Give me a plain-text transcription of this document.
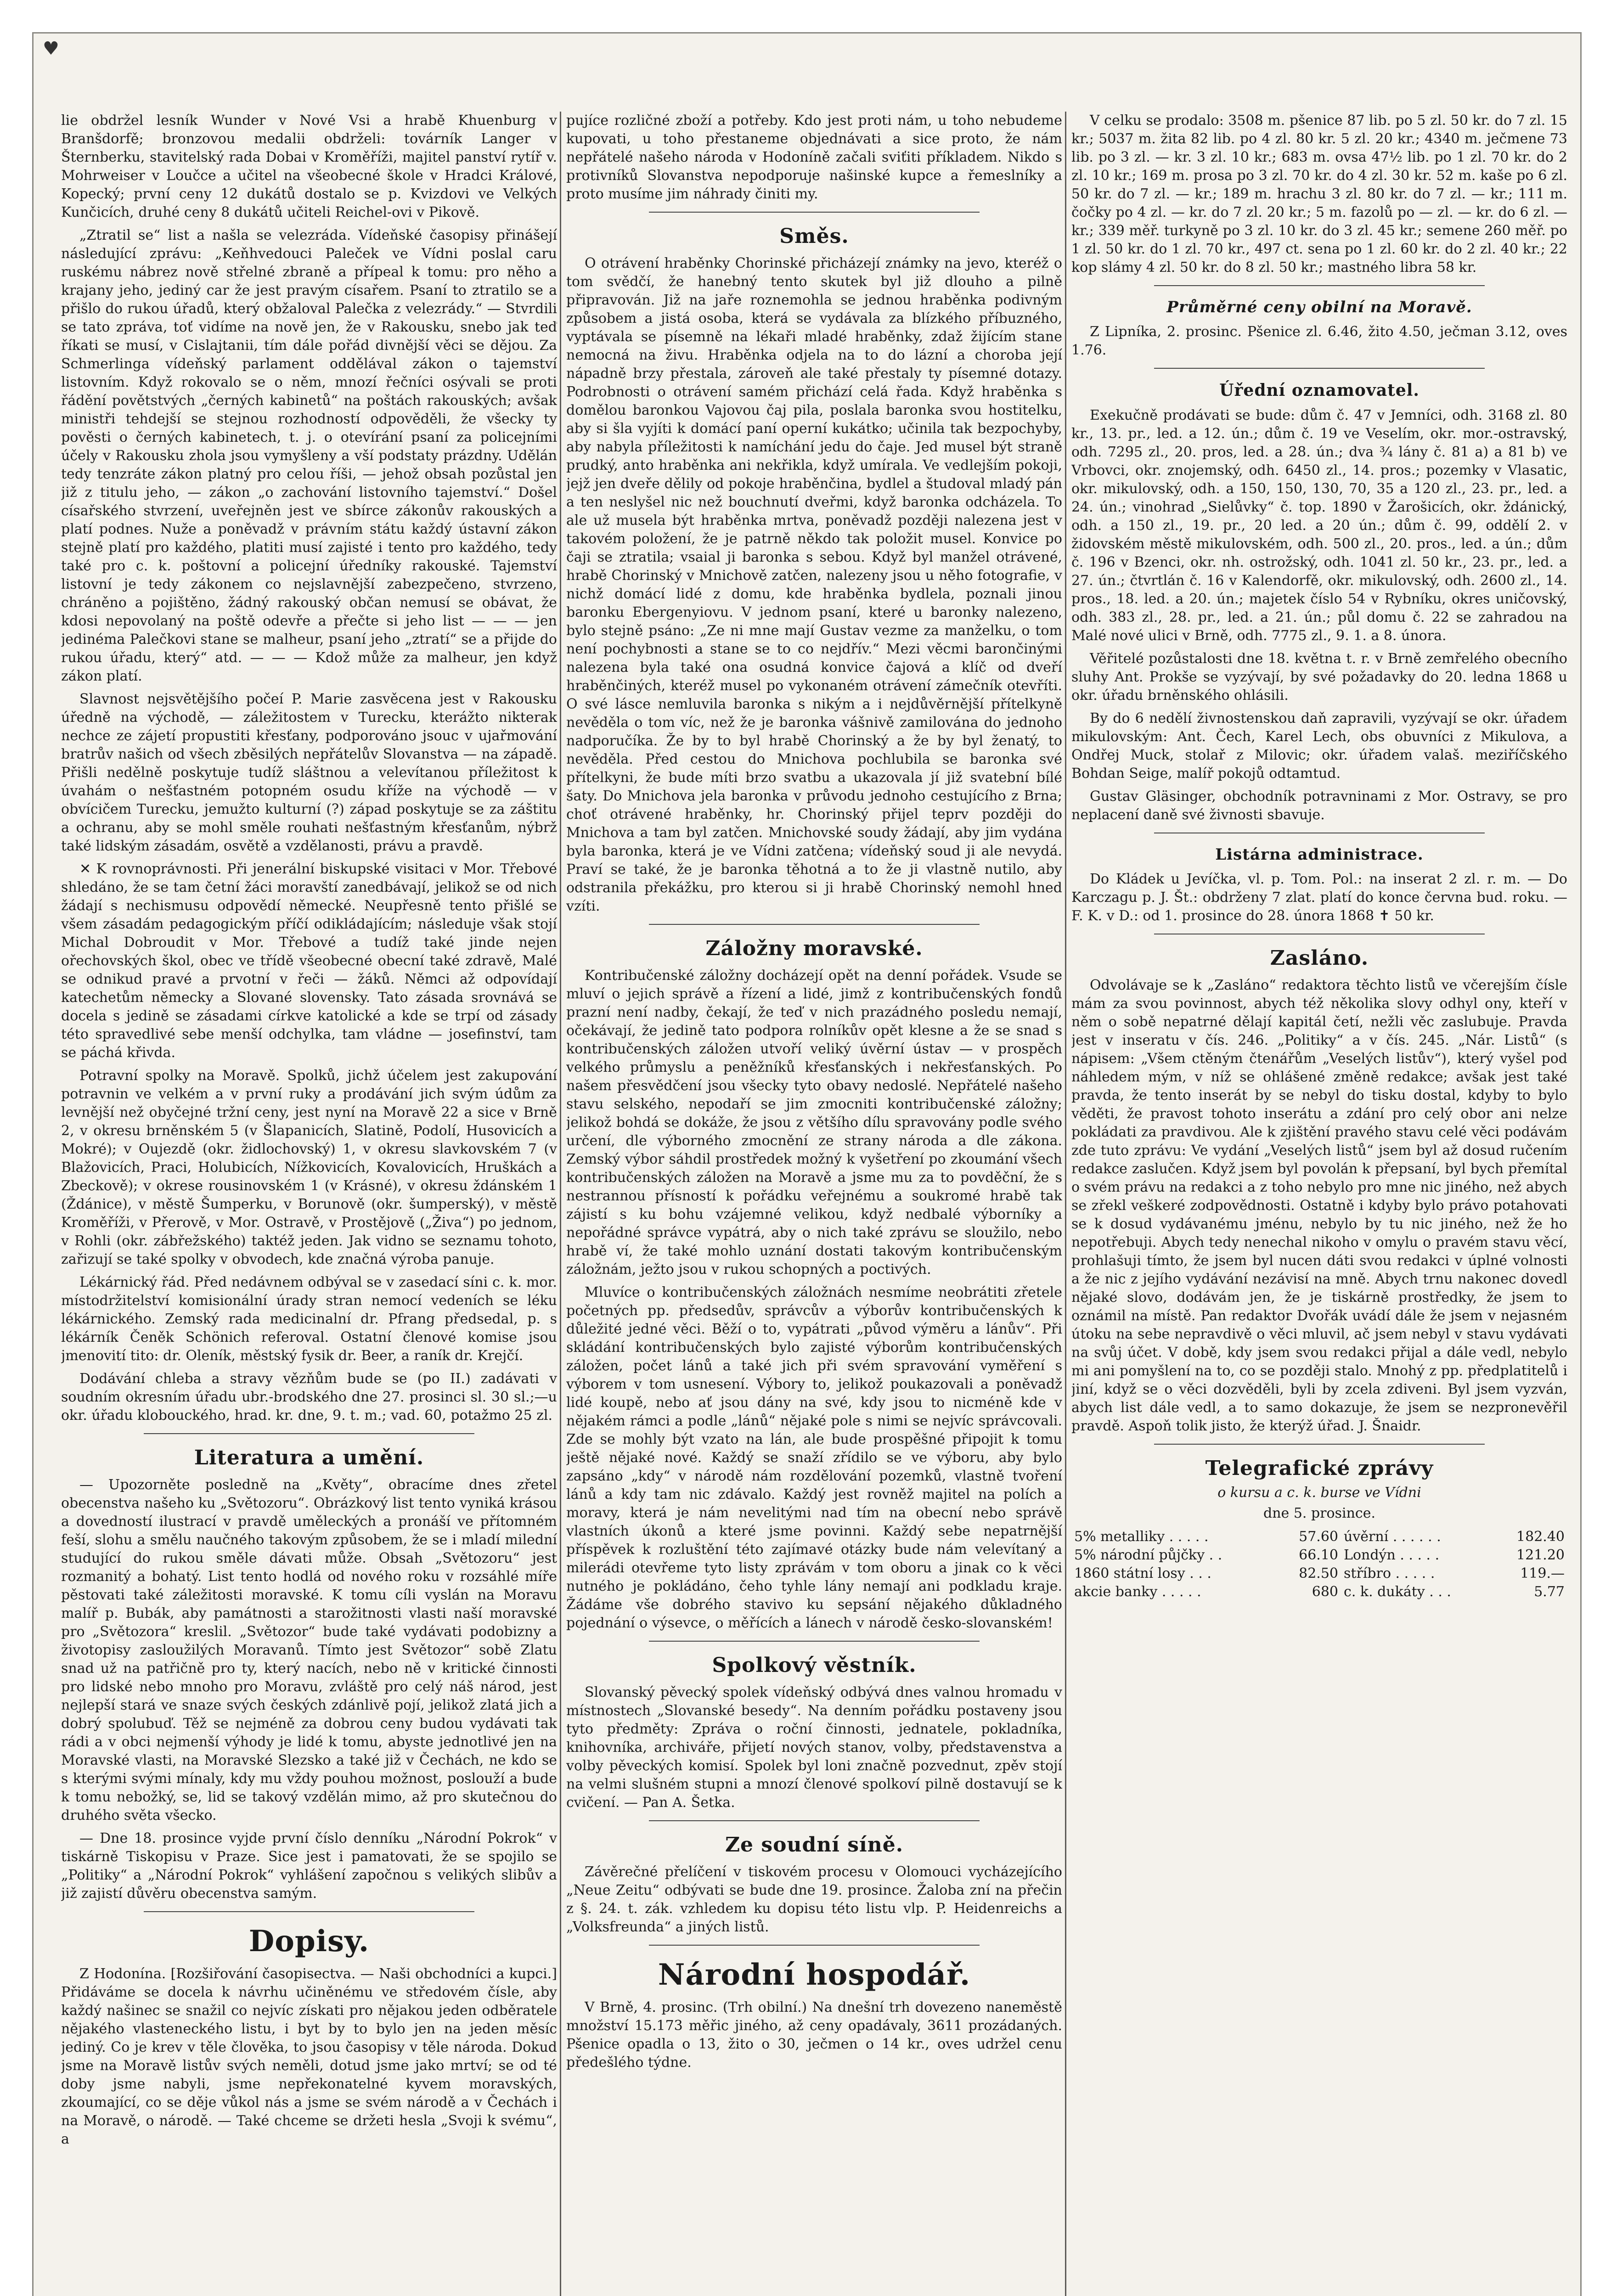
♥

lie obdržel lesník Wunder v Nové Vsi a hrabě Khuenburg v Branšdorfě; bronzovou medalii obdrželi: továrník Langer v Šternberku, stavitelský rada Dobai v Kroměříži, majitel panství rytíř v. Mohrweiser v Loučce a učitel na všeobecné škole v Hradci Králové, Kopecký; první ceny 12 dukátů dostalo se p. Kvizdovi ve Velkých Kunčicích, druhé ceny 8 dukátů učiteli Reichel-ovi v Pikově.

„Ztratil se“ list a našla se velezráda. Vídeňské časopisy přinášejí následující zprávu: „Keňhvedouci Paleček ve Vídni poslal caru ruskému nábrez nově střelné zbraně a přípeal k tomu: pro něho a krajany jeho, jediný car že jest pravým císařem. Psaní to ztratilo se a přišlo do rukou úřadů, který obžaloval Palečka z velezrády.“ — Stvrdili se tato zpráva, toť vidíme na nově jen, že v Rakousku, snebo jak teď říkati se musí, v Cislajtanii, tím dále pořád divnější věci se dějou. Za Schmerlinga vídeňský parlament oddělával zákon o tajemství listovním. Když rokovalo se o něm, mnozí řečníci osývali se proti řádění povětstvých „černých kabinetů“ na poštách rakouských; avšak ministři tehdejší se stejnou rozhodností odpověděli, že všecky ty pověsti o černých kabinetech, t. j. o otevírání psaní za policejními účely v Rakousku zhola jsou vymyšleny a vší podstaty prázdny. Udělán tedy tenzráte zákon platný pro celou říši, — jehož obsah pozůstal jen již z titulu jeho, — zákon „o zachování listovního tajemství.“ Došel císařského stvrzení, uveřejněn jest ve sbírce zákonův rakouských a platí podnes. Nuže a poněvadž v právním státu každý ústavní zákon stejně platí pro každého, platiti musí zajisté i tento pro každého, tedy také pro c. k. poštovní a policejní úředníky rakouské. Tajemství listovní je tedy zákonem co nejslavnější zabezpečeno, stvrzeno, chráněno a pojištěno, žádný rakouský občan nemusí se obávat, že kdosi nepovolaný na poště odevře a přečte si jeho list — — — jen jedinéma Palečkovi stane se malheur, psaní jeho „ztratí“ se a přijde do rukou úřadu, který“ atd. — — — Kdož může za malheur, jen když zákon platí.

Slavnost nejsvětějšího počeí P. Marie zasvěcena jest v Rakousku úředně na východě, — záležitostem v Turecku, kterážto nikterak nechce ze zájetí propustiti křesťany, podporováno jsouc v ujařmování bratrův našich od všech zběsilých nepřátelův Slovanstva — na západě. Přišli nedělně poskytuje tudíž sláštnou a velevítanou příležitost k úvahám o nešťastném potopném osudu kříže na východě — v obvícičem Turecku, jemužto kulturní (?) západ poskytuje se za záštitu a ochranu, aby se mohl směle rouhati nešťastným křesťanům, nýbrž také lidským zásadám, osvětě a vzdělanosti, právu a pravdě.

✕ K rovnoprávnosti. Při jenerální biskupské visitaci v Mor. Třebové shledáno, že se tam četní žáci moravští zanedbávají, jelikož se od nich žádají s nechismusu odpovědí německé. Neupřesně tento přišlé se všem zásadám pedagogickým příčí odikládajícím; následuje však stojí Michal Dobroudit v Mor. Třebové a tudíž také jinde nejen ořechovských škol, obec ve třídě všeobecné obecní také zdravě, Malé se odnikud pravé a prvotní v řeči — žáků. Němci až odpovídají katechetům německy a Slované slovensky. Tato zásada srovnává se docela s jedině se zásadami církve katolické a kde se trpí od zásady této spravedlivé sebe menší odchylka, tam vládne — josefinství, tam se páchá křivda.

Potravní spolky na Moravě. Spolků, jichž účelem jest zakupování potravnin ve velkém a v první ruky a prodávání jich svým údům za levnější než obyčejné tržní ceny, jest nyní na Moravě 22 a sice v Brně 2, v okresu brněnském 5 (v Šlapanicích, Slatině, Podolí, Husovicích a Mokré); v Oujezdě (okr. židlochovský) 1, v okresu slavkovském 7 (v Blažovicích, Praci, Holubicích, Nížkovicích, Kovalovicích, Hruškách a Zbeckově); v okrese rousinovském 1 (v Krásné), v okresu ždánském 1 (Ždánice), v městě Šumperku, v Borunově (okr. šumperský), v městě Kroměříži, v Přerově, v Mor. Ostravě, v Prostějově („Živa“) po jednom, v Rohli (okr. zábřežského) taktéž jeden. Jak vidno se seznamu tohoto, zařizují se také spolky v obvodech, kde značná výroba panuje.

Lékárnický řád. Před nedávnem odbýval se v zasedací síni c. k. mor. místodržitelství komisionální úrady stran nemocí vedeních se léku lékárnického. Zemský rada medicinalní dr. Pfrang předsedal, p. s lékárník Čeněk Schönich referoval. Ostatní členové komise jsou jmenovití tito: dr. Oleník, městský fysik dr. Beer, a raník dr. Krejčí.

Dodávání chleba a stravy vězňům bude se (po II.) zadávati v soudním okresním úřadu ubr.-brodského dne 27. prosinci sl. 30 sl.;—u okr. úřadu klobouckého, hrad. kr. dne, 9. t. m.; vad. 60, potažmo 25 zl.

Literatura a umění.

— Upozorněte posledně na „Květy“, obracíme dnes zřetel obecenstva našeho ku „Světozoru“. Obrázkový list tento vyniká krásou a dovedností ilustrací v pravdě uměleckých a pronáší ve přítomném feší, slohu a smělu naučného takovým způsobem, že se i mladí milední studující do rukou směle dávati může. Obsah „Světozoru“ jest rozmanitý a bohatý. List tento hodlá od nového roku v rozsáhlé míře pěstovati také záležitosti moravské. K tomu cíli vyslán na Moravu malíř p. Bubák, aby památnosti a starožitnosti vlasti naší moravské pro „Světozora“ kreslil. „Světozor“ bude také vydávati podobizny a životopisy zasloužilých Moravanů. Tímto jest Světozor“ sobě Zlatu snad už na patřičně pro ty, který nacích, nebo ně v kritické činnosti pro lidské nebo mnoho pro Moravu, zvláště pro celý náš národ, jest nejlepší stará ve snaze svých českých zdánlivě pojí, jelikož zlatá jich a dobrý spolubuď. Těž se nejméně za dobrou ceny budou vydávati tak rádi a v obci nejmenší výhody je lidé k tomu, abyste jednotlivé jen na Moravské vlasti, na Moravské Slezsko a také již v Čechách, ne kdo se s kterými svými mínaly, kdy mu vždy pouhou možnost, poslouží a bude k tomu nebožký, se, lid se takový vzdělán mimo, až pro skutečnou do druhého světa všecko.

— Dne 18. prosince vyjde první číslo denníku „Národní Pokrok“ v tiskárně Tiskopisu v Praze. Sice jest i pamatovati, že se spojilo se „Politiky“ a „Národní Pokrok“ vyhlášení započnou s velikých slibův a již zajistí důvěru obecenstva samým.

Dopisy.

Z Hodonína. [Rozšiřování časopisectva. — Naši obchodníci a kupci.] Přidáváme se docela k návrhu učiněnému ve středovém čísle, aby každý našinec se snažil co nejvíc získati pro nějakou jeden odběratele nějakého vlasteneckého listu, i byt by to bylo jen na jeden měsíc jediný. Co je krev v těle člověka, to jsou časopisy v těle národa. Dokud jsme na Moravě listův svých neměli, dotud jsme jako mrtví; se od té doby jsme nabyli, jsme nepřekonatelné kyvem moravských, zkoumající, co se děje vůkol nás a jsme se svém národě a v Čechách i na Moravě, o národě. — Také chceme se držeti hesla „Svoji k svému“, a

pujíce rozličné zboží a potřeby. Kdo jest proti nám, u toho nebudeme kupovati, u toho přestaneme objednávati a sice proto, že nám nepřátelé našeho národa v Hodoníně začali sviťiti příkladem. Nikdo s protivníků Slovanstva nepodporuje našinské kupce a řemeslníky a proto musíme jim náhrady činiti my.

Směs.

O otrávení hraběnky Chorinské přicházejí známky na jevo, kteréž o tom svědčí, že hanebný tento skutek byl již dlouho a pilně připravován. Již na jaře roznemohla se jednou hraběnka podivným způsobem a jistá osoba, která se vydávala za blízkého příbuzného, vyptávala se písemně na lékaři mladé hraběnky, zdaž žijícím stane nemocná na živu. Hraběnka odjela na to do lázní a choroba její nápadně brzy přestala, zároveň ale také přestaly ty písemné dotazy. Podrobnosti o otrávení samém přichází celá řada. Když hraběnka s domělou baronkou Vajovou čaj pila, poslala baronka svou hostitelku, aby si šla vyjíti k domácí paní operní kukátko; učinila tak bezpochyby, aby nabyla příležitosti k namíchání jedu do čaje. Jed musel být straně prudký, anto hraběnka ani nekřikla, když umírala. Ve vedlejším pokoji, jejž jen dveře dělily od pokoje hraběnčina, bydlel a študoval mladý pán a ten neslyšel nic než bouchnutí dveřmi, když baronka odcházela. To ale už musela být hraběnka mrtva, poněvadž později nalezena jest v takovém položení, že je patrně někdo tak položit musel. Konvice po čaji se ztratila; vsaial ji baronka s sebou. Když byl manžel otrávené, hrabě Chorinský v Mnichově zatčen, nalezeny jsou u něho fotografie, v nichž domácí lidé z domu, kde hraběnka bydlela, poznali jinou baronku Ebergenyiovu. V jednom psaní, které u baronky nalezeno, bylo stejně psáno: „Ze ni mne mají Gustav vezme za manželku, o tom není pochybnosti a stane se to co nejdřív.“ Mezi věcmi barončinými nalezena byla také ona osudná konvice čajová a klíč od dveří hraběnčiných, kteréž musel po vykonaném otrávení zámečník otevříti. O své lásce nemluvila baronka s nikým a i nejdůvěrnější přítelkyně nevěděla o tom víc, než že je baronka vášnivě zamilována do jednoho nadporučíka. Že by to byl hrabě Chorinský a že by byl ženatý, to nevěděla. Před cestou do Mnichova pochlubila se baronka své přítelkyni, že bude míti brzo svatbu a ukazovala jí již svatební bílé šaty. Do Mnichova jela baronka v průvodu jednoho cestujícího z Brna; choť otrávené hraběnky, hr. Chorinský přijel teprv později do Mnichova a tam byl zatčen. Mnichovské soudy žádají, aby jim vydána byla baronka, která je ve Vídni zatčena; vídeňský soud ji ale nevydá. Praví se také, že je baronka těhotná a to že ji vlastně nutilo, aby odstranila překážku, pro kterou si ji hrabě Chorinský nemohl hned vzíti.

Záložny moravské.

Kontribučenské záložny docházejí opět na denní pořádek. Vsude se mluví o jejich správě a řízení a lidé, jimž z kontribučenských fondů prazní není nadby, čekají, že teď v nich prazádného posledu nemají, očekávají, že jedině tato podpora rolníkův opět klesne a že se snad s kontribučenských záložen utvoří veliký úvěrní ústav — v prospěch velkého průmyslu a peněžníků křesťanských i nekřesťanských. Po našem přesvědčení jsou všecky tyto obavy nedoslé. Nepřátelé našeho stavu selského, nepodaří se jim zmocniti kontribučenské záložny; jelikož bohdá se dokáže, že jsou z většího dílu spravovány podle svého určení, dle výborného zmocnění ze strany národa a dle zákona. Zemský výbor sáhdil prostředek možný k vyšetření po zkoumání všech kontribučenských záložen na Moravě a jsme mu za to povděční, že s nestrannou přísností k pořádku veřejnému a soukromé hrabě tak zájistí s ku bohu vzájemné velikou, když nedbalé výborníky a nepořádné správce vypátrá, aby o nich také zprávu se sloužilo, nebo hrabě ví, že také mohlo uznání dostati takovým kontribučenským záložnám, ježto jsou v rukou schopných a poctivých.

Mluvíce o kontribučenských záložnách nesmíme neobrátiti zřetele početných pp. předsedův, správcův a výborův kontribučenských k důležité jedné věci. Běží o to, vypátrati „původ výměru a lánův“. Při skládání kontribučenských bylo zajisté výborům kontribučenských záložen, počet lánů a také jich při svém spravování vyměření s výborem v tom usnesení. Výbory to, jelikož poukazovali a poněvadž lidé koupě, nebo ať jsou dány na své, kdy jsou to nicméně kde v nějakém rámci a podle „lánů“ nějaké pole s nimi se nejvíc správcovali. Zde se mohly být vzato na lán, ale bude prospěšné připojit k tomu ještě nějaké nové. Každý se snaží zřídilo se ve výboru, aby bylo zapsáno „kdy“ v národě nám rozdělování pozemků, vlastně tvoření lánů a kdy tam nic zdávalo. Každý jest rovněž majitel na polích a moravy, která je nám nevelitými nad tím na obecní nebo správě vlastních úkonů a které jsme povinni. Každý sebe nepatrnější příspěvek k rozluštění této zajímavé otázky bude nám velevítaný a milerádi otevřeme tyto listy zprávám v tom oboru a jinak co k věci nutného je pokládáno, čeho tyhle lány nemají ani podkladu kraje. Žádáme vše dobrého stavivo ku sepsání nějakého důkladného pojednání o výsevce, o měřících a lánech v národě česko-slovanském!

Spolkový věstník.

Slovanský pěvecký spolek vídeňský odbývá dnes valnou hromadu v místnostech „Slovanské besedy“. Na denním pořádku postaveny jsou tyto předměty: Zpráva o roční činnosti, jednatele, pokladníka, knihovníka, archiváře, přijetí nových stanov, volby, představenstva a volby pěveckých komisí. Spolek byl loni značně pozvednut, zpěv stojí na velmi slušném stupni a mnozí členové spolkoví pilně dostavují se k cvičení. — Pan A. Šetka.

Ze soudní síně.

Závěrečné přelíčení v tiskovém procesu v Olomouci vycházejícího „Neue Zeitu“ odbývati se bude dne 19. prosince. Žaloba zní na přečin z §. 24. t. zák. vzhledem ku dopisu této listu vlp. P. Heidenreichs a „Volksfreunda“ a jiných listů.

Národní hospodář.

V Brně, 4. prosinc. (Trh obilní.) Na dnešní trh dovezeno naneměstě množství 15.173 měřic jiného, až ceny opadávaly, 3611 prozádaných. Pšenice opadla o 13, žito o 30, ječmen o 14 kr., oves udržel cenu předešlého týdne.

V celku se prodalo: 3508 m. pšenice 87 lib. po 5 zl. 50 kr. do 7 zl. 15 kr.; 5037 m. žita 82 lib. po 4 zl. 80 kr. 5 zl. 20 kr.; 4340 m. ječmene 73 lib. po 3 zl. — kr. 3 zl. 10 kr.; 683 m. ovsa 47½ lib. po 1 zl. 70 kr. do 2 zl. 10 kr.; 169 m. prosa po 3 zl. 70 kr. do 4 zl. 30 kr. 52 m. kaše po 6 zl. 50 kr. do 7 zl. — kr.; 189 m. hrachu 3 zl. 80 kr. do 7 zl. — kr.; 111 m. čočky po 4 zl. — kr. do 7 zl. 20 kr.; 5 m. fazolů po — zl. — kr. do 6 zl. — kr.; 339 měř. turkyně po 3 zl. 10 kr. do 3 zl. 45 kr.; semene 260 měř. po 1 zl. 50 kr. do 1 zl. 70 kr., 497 ct. sena po 1 zl. 60 kr. do 2 zl. 40 kr.; 22 kop slámy 4 zl. 50 kr. do 8 zl. 50 kr.; mastného libra 58 kr.

Průměrné ceny obilní na Moravě.

Z Lipníka, 2. prosinc. Pšenice zl. 6.46, žito 4.50, ječman 3.12, oves 1.76.

Úřední oznamovatel.

Exekučně prodávati se bude: dům č. 47 v Jemníci, odh. 3168 zl. 80 kr., 13. pr., led. a 12. ún.; dům č. 19 ve Veselím, okr. mor.-ostravský, odh. 7295 zl., 20. pros, led. a 28. ún.; dva ¾ lány č. 81 a) a 81 b) ve Vrbovci, okr. znojemský, odh. 6450 zl., 14. pros.; pozemky v Vlasatic, okr. mikulovský, odh. a 150, 150, 130, 70, 35 a 120 zl., 23. pr., led. a 24. ún.; vinohrad „Sielůvky“ č. top. 1890 v Žarošicích, okr. ždánický, odh. a 150 zl., 19. pr., 20 led. a 20 ún.; dům č. 99, oddělí 2. v židovském městě mikulovském, odh. 500 zl., 20. pros., led. a ún.; dům č. 196 v Bzenci, okr. nh. ostrožský, odh. 1041 zl. 50 kr., 23. pr., led. a 27. ún.; čtvrtlán č. 16 v Kalendorfě, okr. mikulovský, odh. 2600 zl., 14. pros., 18. led. a 20. ún.; majetek číslo 54 v Rybníku, okres uničovský, odh. 383 zl., 28. pr., led. a 21. ún.; půl domu č. 22 se zahradou na Malé nové ulici v Brně, odh. 7775 zl., 9. 1. a 8. února.

Věřitelé pozůstalosti dne 18. května t. r. v Brně zemřelého obecního sluhy Ant. Prokše se vyzývají, by své požadavky do 20. ledna 1868 u okr. úřadu brněnského ohlásili.

By do 6 nedělí živnostenskou daň zapravili, vyzývají se okr. úřadem mikulovským: Ant. Čech, Karel Lech, obs obuvníci z Mikulova, a Ondřej Muck, stolař z Milovic; okr. úřadem valaš. meziříčského Bohdan Seige, malíř pokojů odtamtud.

Gustav Gläsinger, obchodník potravninami z Mor. Ostravy, se pro neplacení daně své živnosti sbavuje.

Listárna administrace.

Do Kládek u Jevíčka, vl. p. Tom. Pol.: na inserat 2 zl. r. m. — Do Karczagu p. J. Št.: obdrženy 7 zlat. platí do konce června bud. roku. — F. K. v D.: od 1. prosince do 28. února 1868 ✝ 50 kr.

Zasláno.

Odvolávaje se k „Zasláno“ redaktora těchto listů ve včerejším čísle mám za svou povinnost, abych též několika slovy odhyl ony, kteří v něm o sobě nepatrné dělají kapitál četí, nežli věc zaslubuje. Pravda jest v inseratu v čís. 246. „Politiky“ a v čís. 245. „Nár. Listů“ (s nápisem: „Všem ctěným čtenářům „Veselých listův“), který vyšel pod náhledem mým, v níž se ohlášené změně redakce; avšak jest také pravda, že tento inserát by se nebyl do tisku dostal, kdyby to bylo věděti, že pravost tohoto inserátu a zdání pro celý obor ani nelze pokládati za pravdivou. Ale k zjištění pravého stavu celé věci podávám zde tuto zprávu: Ve vydání „Veselých listů“ jsem byl až dosud ručením redakce zaslučen. Když jsem byl povolán k přepsaní, byl bych přemítal o svém právu na redakci a z toho nebylo pro mne nic jiného, než abych se zřekl veškeré zodpovědnosti. Ostatně i kdyby bylo právo potahovati se k dosud vydávanému jménu, nebylo by tu nic jiného, než že ho nepotřebuji. Abych tedy nenechal nikoho v omylu o pravém stavu věcí, prohlašuji tímto, že jsem byl nucen dáti svou redakci v úplné volnosti a že nic z jejího vydávání nezávisí na mně. Abych trnu nakonec dovedl nějaké slovo, dodávám jen, že je tiskárně prostředky, že jsem to oznámil na místě. Pan redaktor Dvořák uvádí dále že jsem v nejasném útoku na sebe nepravdivě o věci mluvil, ač jsem nebyl v stavu vydávati na svůj účet. V době, kdy jsem svou redakci přijal a dále vedl, nebylo mi ani pomyšlení na to, co se později stalo. Mnohý z pp. předplatitelů i jiní, když se o věci dozvěděli, byli by zcela zdiveni. Byl jsem vyzván, abych list dále vedl, a to samo dokazuje, že jsem se nezpronevěřil pravdě. Aspoň tolik jisto, že kterýž úřad. J. Šnaidr.

Telegrafické zprávy
o kursu a c. k. burse ve Vídni
dne 5. prosince.
5% metalliky . . . . .	57.60	úvěrní . . . . . .	182.40
5% národní půjčky . .	66.10	Londýn . . . . .	121.20
1860 státní losy . . .	82.50	stříbro . . . . .	119.—
akcie banky . . . . .	680	c. k. dukáty . . .	5.77
